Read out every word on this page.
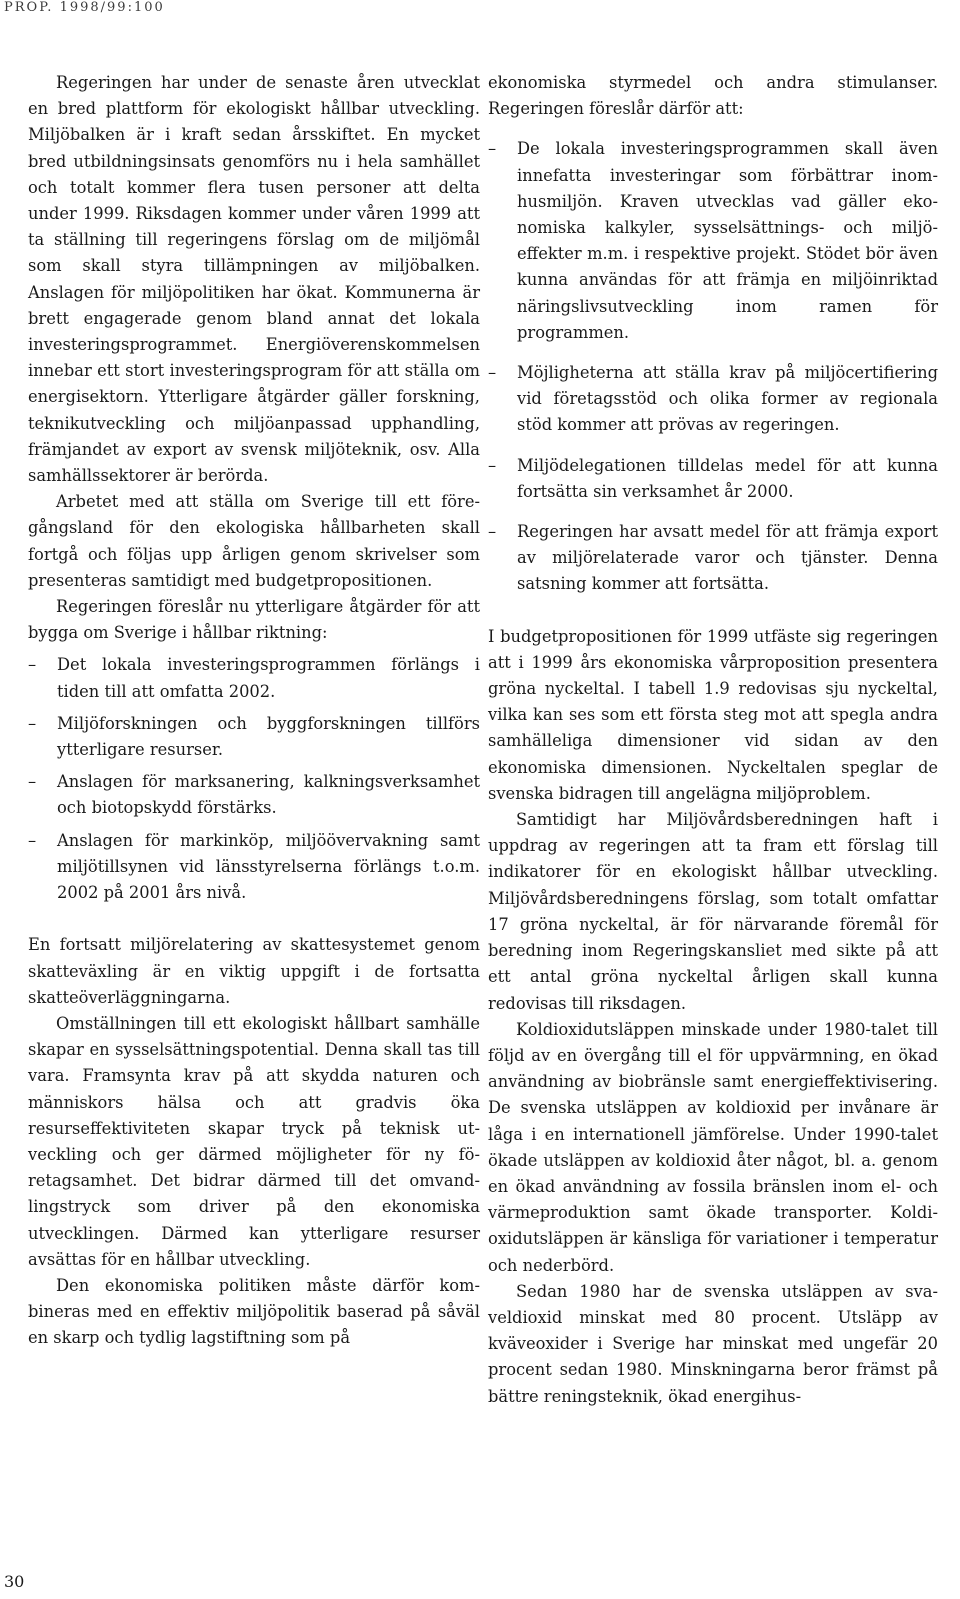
PROP. 1998/99:100

Regeringen har under de senaste åren utvecklat en bred plattform för ekologiskt hållbar utveckling. Miljöbalken är i kraft sedan årsskiftet. En mycket bred utbildningsinsats genomförs nu i hela samhället och totalt kommer flera tusen personer att delta under 1999. Riksdagen kommer under våren 1999 att ta ställning till regeringens förslag om de miljömål som skall styra tillämpningen av miljöbalken. Anslagen för miljöpolitiken har ökat. Kommunerna är brett engagerade genom bland annat det lokala investeringsprogrammet. Energiöverenskommelsen innebar ett stort investeringsprogram för att ställa om energisektorn. Ytterligare åtgärder gäller forskning, teknikutveckling och miljöanpassad upphandling, främjandet av export av svensk miljöteknik, osv. Alla samhällssektorer är berörda.

Arbetet med att ställa om Sverige till ett föregångsland för den ekologiska hållbarheten skall fortgå och följas upp årligen genom skrivelser som presenteras samtidigt med budgetpropositionen.

Regeringen föreslår nu ytterligare åtgärder för att bygga om Sverige i hållbar riktning:

– Det lokala investeringsprogrammen förlängs i tiden till att omfatta 2002.
– Miljöforskningen och byggforskningen tillförs ytterligare resurser.
– Anslagen för marksanering, kalkningsverksamhet och biotopskydd förstärks.
– Anslagen för markinköp, miljöövervakning samt miljötillsynen vid länsstyrelserna förlängs t.o.m. 2002 på 2001 års nivå.

En fortsatt miljörelatering av skattesystemet genom skatteväxling är en viktig uppgift i de fortsatta skatteöverläggningarna.

Omställningen till ett ekologiskt hållbart samhälle skapar en sysselsättningspotential. Denna skall tas till vara. Framsynta krav på att skydda naturen och människors hälsa och att gradvis öka resurseffektiviteten skapar tryck på teknisk utveckling och ger därmed möjligheter för ny företagsamhet. Det bidrar därmed till det omvandlingstryck som driver på den ekonomiska utvecklingen. Därmed kan ytterligare resurser avsättas för en hållbar utveckling.

Den ekonomiska politiken måste därför kombineras med en effektiv miljöpolitik baserad på såväl en skarp och tydlig lagstiftning som på

ekonomiska styrmedel och andra stimulanser. Regeringen föreslår därför att:

– De lokala investeringsprogrammen skall även innefatta investeringar som förbättrar inomhusmiljön. Kraven utvecklas vad gäller ekonomiska kalkyler, sysselsättnings- och miljöeffekter m.m. i respektive projekt. Stödet bör även kunna användas för att främja en miljöinriktad näringslivsutveckling inom ramen för programmen.
– Möjligheterna att ställa krav på miljöcertifiering vid företagsstöd och olika former av regionala stöd kommer att prövas av regeringen.
– Miljödelegationen tilldelas medel för att kunna fortsätta sin verksamhet år 2000.
– Regeringen har avsatt medel för att främja export av miljörelaterade varor och tjänster. Denna satsning kommer att fortsätta.

I budgetpropositionen för 1999 utfäste sig regeringen att i 1999 års ekonomiska vårproposition presentera gröna nyckeltal. I tabell 1.9 redovisas sju nyckeltal, vilka kan ses som ett första steg mot att spegla andra samhälleliga dimensioner vid sidan av den ekonomiska dimensionen. Nyckeltalen speglar de svenska bidragen till angelägna miljöproblem.

Samtidigt har Miljövårdsberedningen haft i uppdrag av regeringen att ta fram ett förslag till indikatorer för en ekologiskt hållbar utveckling. Miljövårdsberedningens förslag, som totalt omfattar 17 gröna nyckeltal, är för närvarande föremål för beredning inom Regeringskansliet med sikte på att ett antal gröna nyckeltal årligen skall kunna redovisas till riksdagen.

Koldioxidutsläppen minskade under 1980-talet till följd av en övergång till el för uppvärmning, en ökad användning av biobränsle samt energieffektivisering. De svenska utsläppen av koldioxid per invånare är låga i en internationell jämförelse. Under 1990-talet ökade utsläppen av koldioxid åter något, bl. a. genom en ökad användning av fossila bränslen inom el- och värmeproduktion samt ökade transporter. Koldioxidutsläppen är känsliga för variationer i temperatur och nederbörd.

Sedan 1980 har de svenska utsläppen av svaveldioxid minskat med 80 procent. Utsläpp av kväveoxider i Sverige har minskat med ungefär 20 procent sedan 1980. Minskningarna beror främst på bättre reningsteknik, ökad energihus-

30
